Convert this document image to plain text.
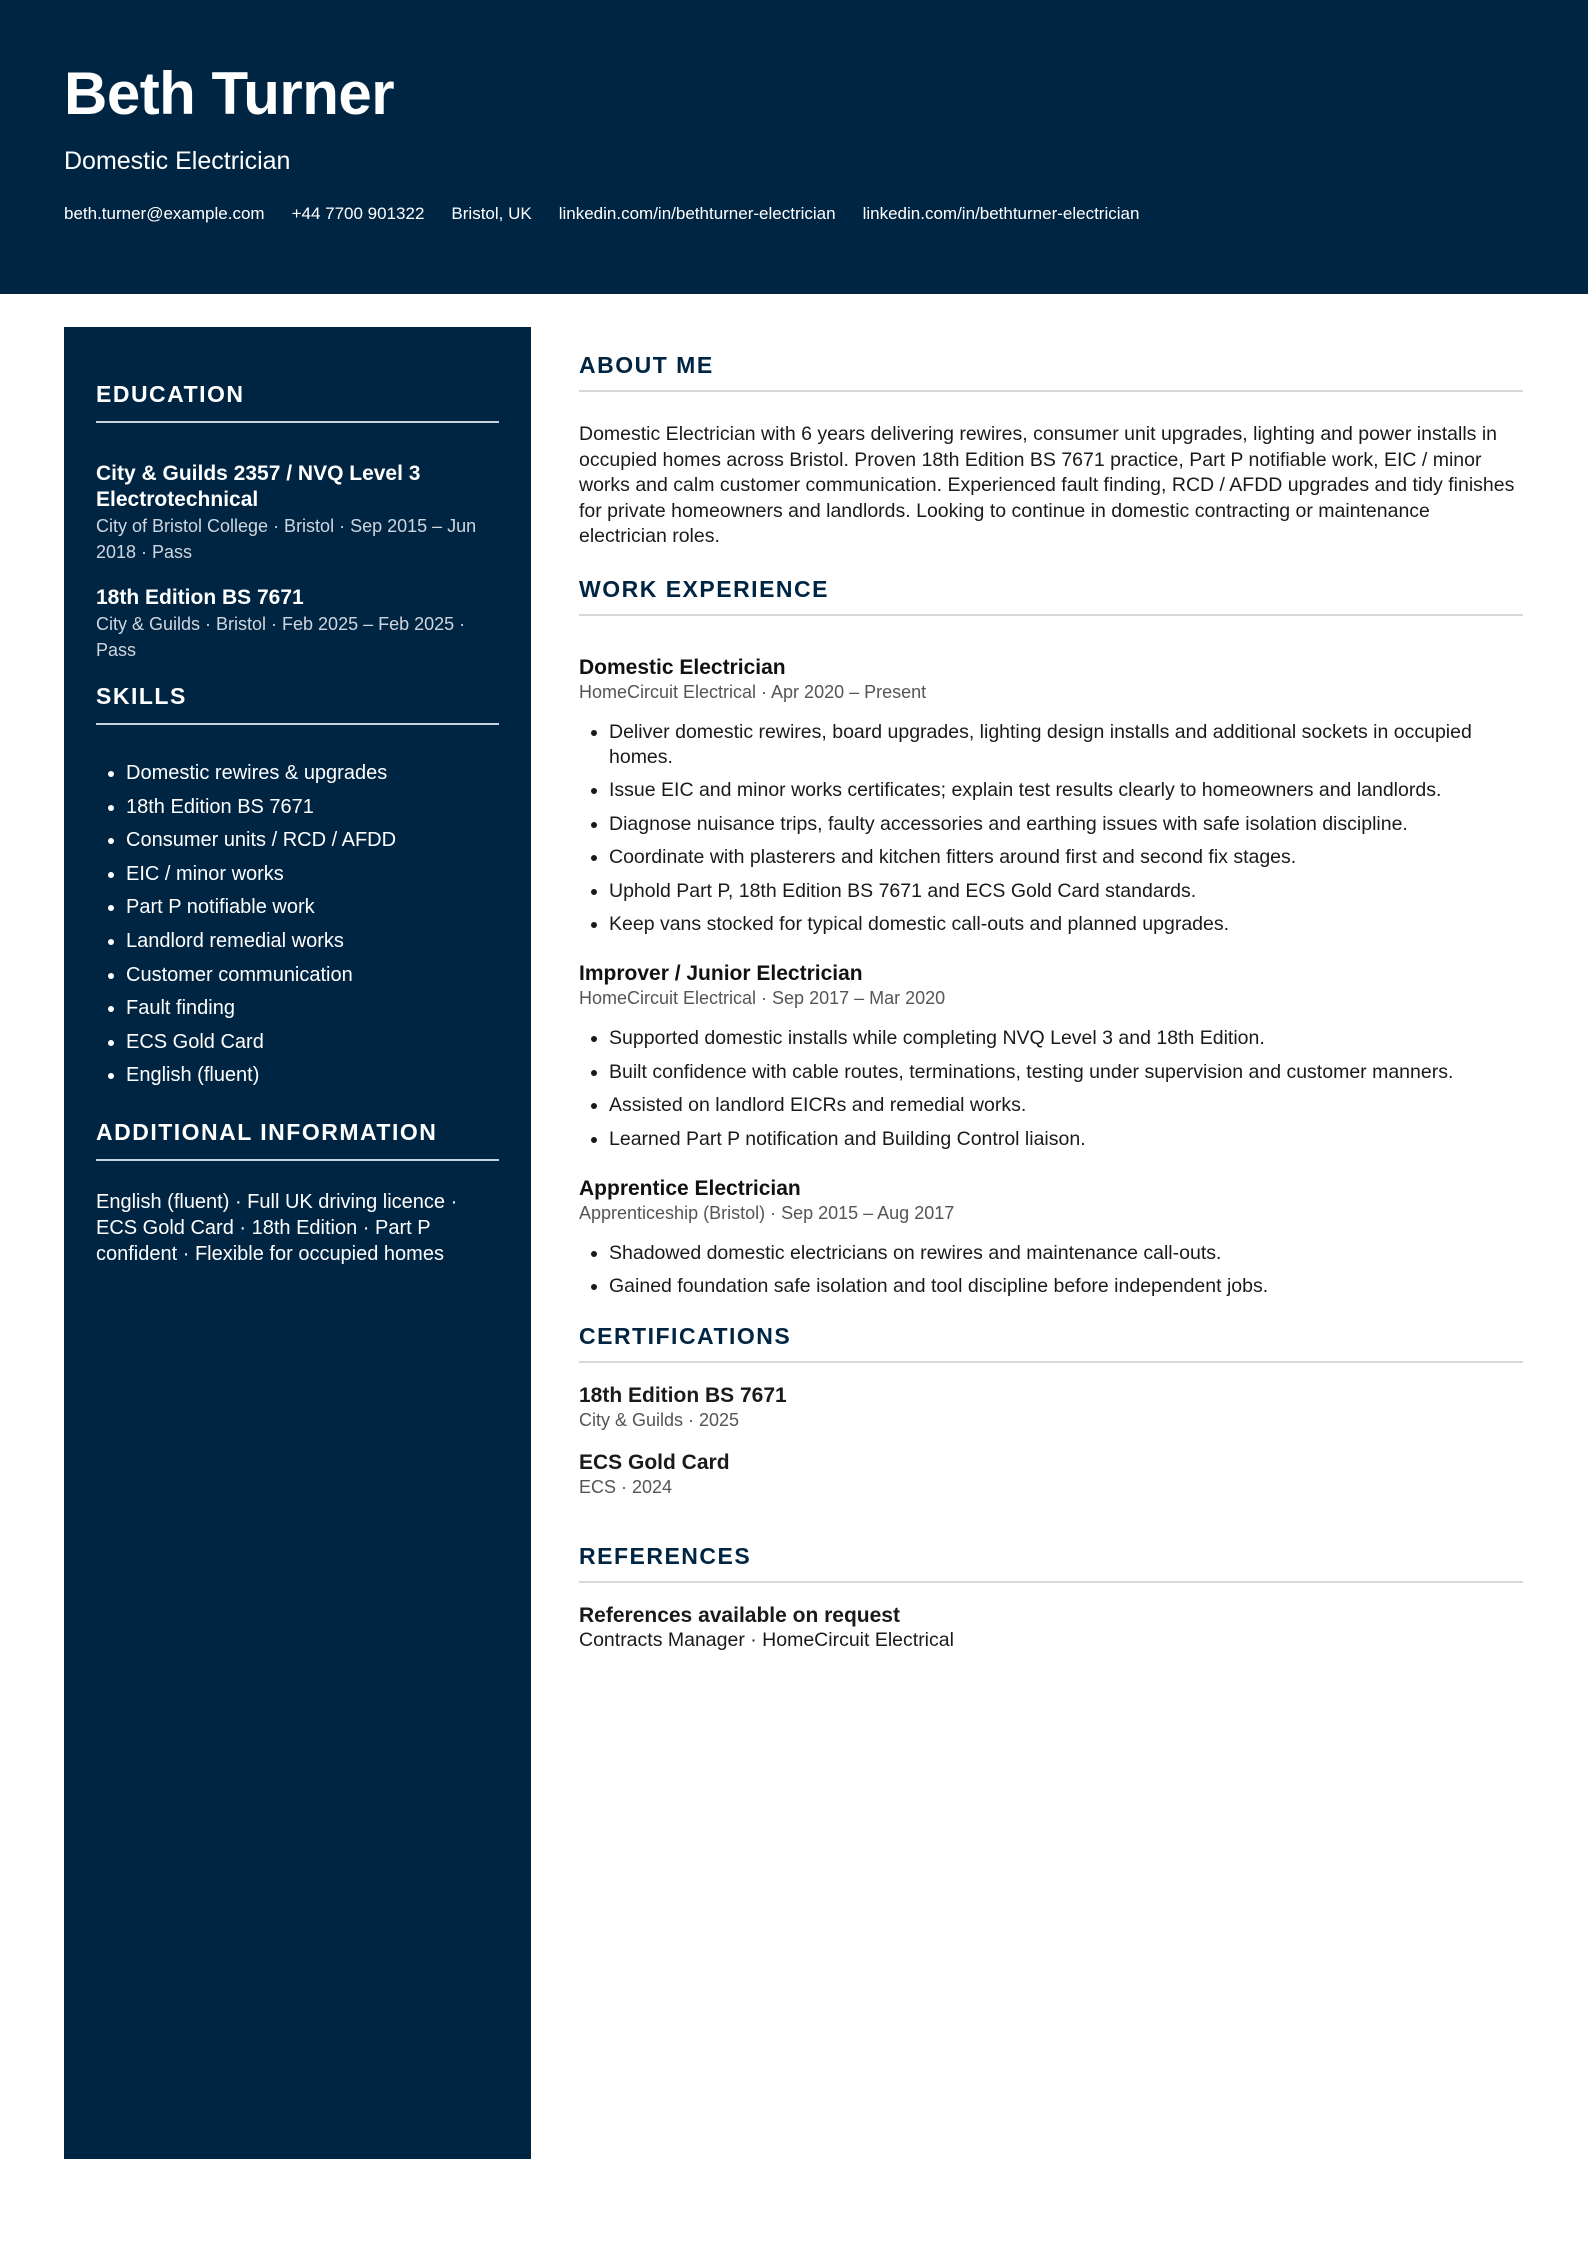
Beth Turner
Domestic Electrician
beth.turner@example.com +44 7700 901322 Bristol, UK linkedin.com/in/bethturner-electrician linkedin.com/in/bethturner-electrician
EDUCATION
City & Guilds 2357 / NVQ Level 3 Electrotechnical
City of Bristol College · Bristol · Sep 2015 – Jun 2018 · Pass
18th Edition BS 7671
City & Guilds · Bristol · Feb 2025 – Feb 2025 · Pass
SKILLS
• Domestic rewires & upgrades
• 18th Edition BS 7671
• Consumer units / RCD / AFDD
• EIC / minor works
• Part P notifiable work
• Landlord remedial works
• Customer communication
• Fault finding
• ECS Gold Card
• English (fluent)
ADDITIONAL INFORMATION
English (fluent) · Full UK driving licence · ECS Gold Card · 18th Edition · Part P confident · Flexible for occupied homes
ABOUT ME

Domestic Electrician with 6 years delivering rewires, consumer unit upgrades, lighting and power installs in occupied homes across Bristol. Proven 18th Edition BS 7671 practice, Part P notifiable work, EIC / minor works and calm customer communication. Experienced fault finding, RCD / AFDD upgrades and tidy finishes for private homeowners and landlords. Looking to continue in domestic contracting or maintenance electrician roles.

WORK EXPERIENCE
Domestic Electrician
HomeCircuit Electrical · Apr 2020 – Present
• Deliver domestic rewires, board upgrades, lighting design installs and additional sockets in occupied homes.
• Issue EIC and minor works certificates; explain test results clearly to homeowners and landlords.
• Diagnose nuisance trips, faulty accessories and earthing issues with safe isolation discipline.
• Coordinate with plasterers and kitchen fitters around first and second fix stages.
• Uphold Part P, 18th Edition BS 7671 and ECS Gold Card standards.
• Keep vans stocked for typical domestic call-outs and planned upgrades.
Improver / Junior Electrician
HomeCircuit Electrical · Sep 2017 – Mar 2020
• Supported domestic installs while completing NVQ Level 3 and 18th Edition.
• Built confidence with cable routes, terminations, testing under supervision and customer manners.
• Assisted on landlord EICRs and remedial works.
• Learned Part P notification and Building Control liaison.
Apprentice Electrician
Apprenticeship (Bristol) · Sep 2015 – Aug 2017
• Shadowed domestic electricians on rewires and maintenance call-outs.
• Gained foundation safe isolation and tool discipline before independent jobs.
CERTIFICATIONS
18th Edition BS 7671
City & Guilds · 2025
ECS Gold Card
ECS · 2024
REFERENCES
References available on request
Contracts Manager · HomeCircuit Electrical
